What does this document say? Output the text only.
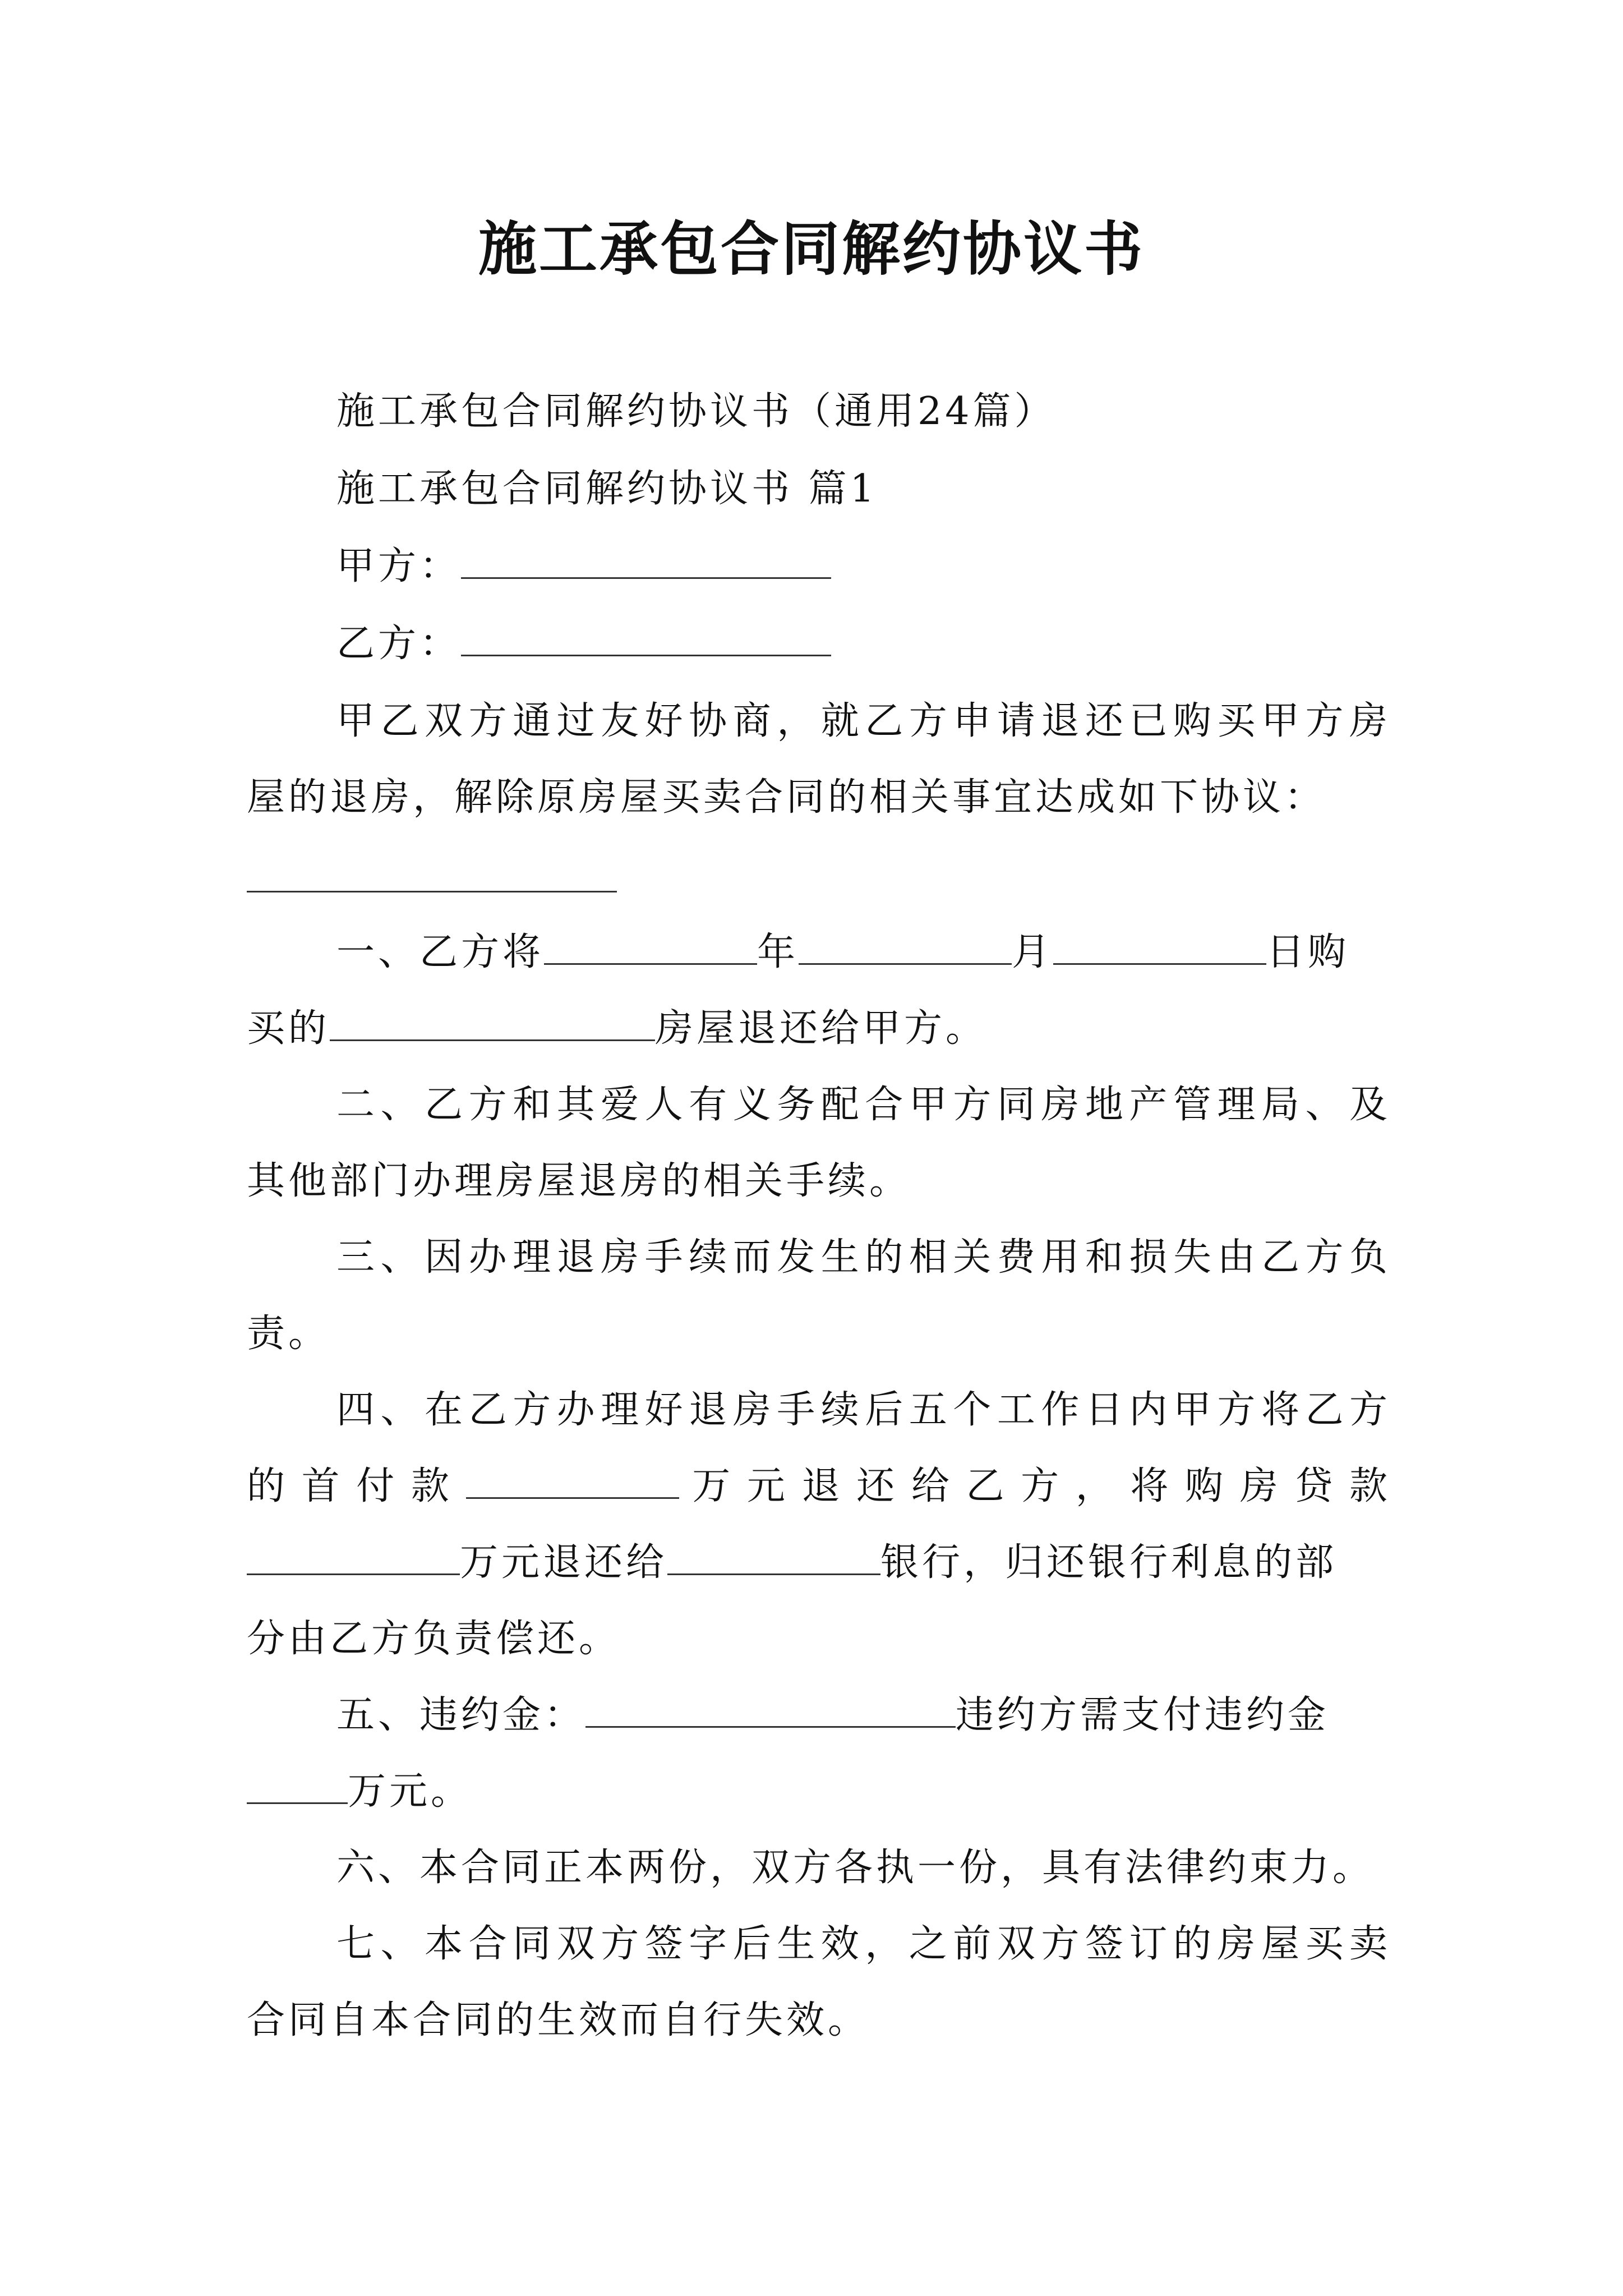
施工承包合同解约协议书
施工承包合同解约协议书（通用24篇）
施工承包合同解约协议书 篇1
甲方：
乙方：
甲乙双方通过友好协商，就乙方申请退还已购买甲方房
屋的退房，解除原房屋买卖合同的相关事宜达成如下协议：
一、乙方将	年	月	日购
买的	房屋退还给甲方。
二、乙方和其爱人有义务配合甲方同房地产管理局、及
其他部门办理房屋退房的相关手续。
三、因办理退房手续而发生的相关费用和损失由乙方负
责。
四、在乙方办理好退房手续后五个工作日内甲方将乙方
的首付款	万元退还给乙方，将购房贷款
万元退还给	银行，归还银行利息的部
分由乙方负责偿还。
五、违约金：	违约方需支付违约金
万元。
六、本合同正本两份，双方各执一份，具有法律约束力。
七、本合同双方签字后生效，之前双方签订的房屋买卖
合同自本合同的生效而自行失效。
